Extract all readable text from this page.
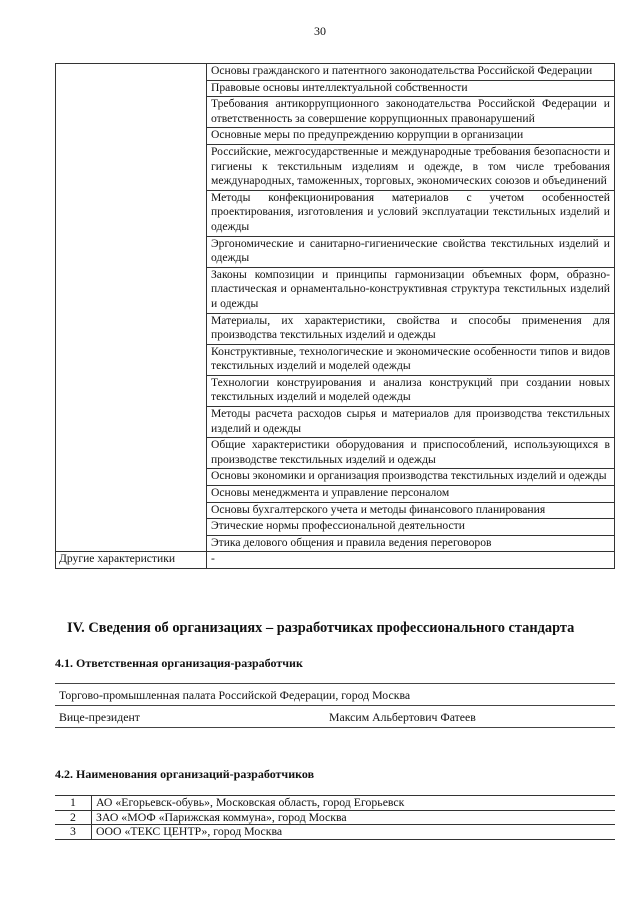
30
	Основы гражданского и патентного законодательства Российской Федерации
	Правовые основы интеллектуальной собственности
	Требования антикоррупционного законодательства Российской Федерации и ответственность за совершение коррупционных правонарушений
	Основные меры по предупреждению коррупции в организации
	Российские, межгосударственные и международные требования безопасности и гигиены к текстильным изделиям и одежде, в том числе требования международных, таможенных, торговых, экономических союзов и объединений
	Методы конфекционирования материалов с учетом особенностей проектирования, изготовления и условий эксплуатации текстильных изделий и одежды
	Эргономические и санитарно-гигиенические свойства текстильных изделий и одежды
	Законы композиции и принципы гармонизации объемных форм, образно-пластическая и орнаментально-конструктивная структура текстильных изделий и одежды
	Материалы, их характеристики, свойства и способы применения для производства текстильных изделий и одежды
	Конструктивные, технологические и экономические особенности типов и видов текстильных изделий и моделей одежды
	Технологии конструирования и анализа конструкций при создании новых текстильных изделий и моделей одежды
	Методы расчета расходов сырья и материалов для производства текстильных изделий и одежды
	Общие характеристики оборудования и приспособлений, использующихся в производстве текстильных изделий и одежды
	Основы экономики и организация производства текстильных изделий и одежды
	Основы менеджмента и управление персоналом
	Основы бухгалтерского учета и методы финансового планирования
	Этические нормы профессиональной деятельности
	Этика делового общения и правила ведения переговоров
Другие характеристики	-
IV. Сведения об организациях – разработчиках профессионального стандарта
4.1. Ответственная организация-разработчик
Торгово-промышленная палата Российской Федерации, город Москва
Вице-президент	Максим Альбертович Фатеев
4.2. Наименования организаций-разработчиков
1	АО «Егорьевск-обувь», Московская область, город Егорьевск
2	ЗАО «МОФ «Парижская коммуна», город Москва
3	ООО «ТЕКС ЦЕНТР», город Москва
